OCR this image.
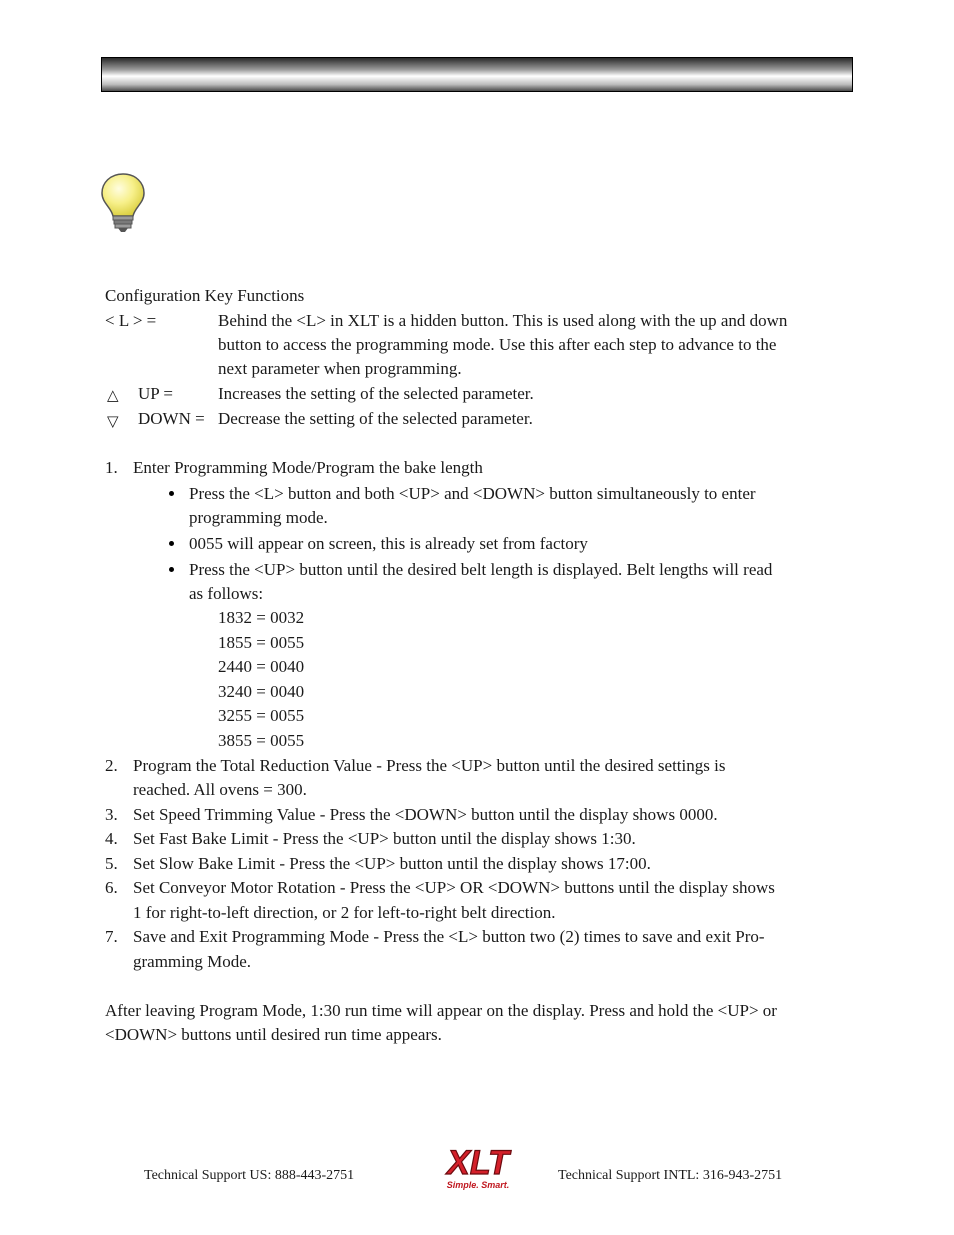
Configuration Key Functions
< L > =	Behind the <L> in XLT is a hidden button. This is used along with the up and down
button to access the programming mode. Use this after each step to advance to the
next parameter when programming.
△ UP =	Increases the setting of the selected parameter.
▽ DOWN = Decrease the setting of the selected parameter.
1. Enter Programming Mode/Program the bake length
Press the <L> button and both <UP> and <DOWN> button simultaneously to enter
programming mode.
0055 will appear on screen, this is already set from factory
Press the <UP> button until the desired belt length is displayed. Belt lengths will read
as follows:
1832 = 0032
1855 = 0055
2440 = 0040
3240 = 0040
3255 = 0055
3855 = 0055
2. Program the Total Reduction Value - Press the <UP> button until the desired settings is
reached. All ovens = 300.
3. Set Speed Trimming Value - Press the <DOWN> button until the display shows 0000.
4. Set Fast Bake Limit - Press the <UP> button until the display shows 1:30.
5. Set Slow Bake Limit - Press the <UP> button until the display shows 17:00.
6. Set Conveyor Motor Rotation - Press the <UP> OR <DOWN> buttons until the display shows
1 for right-to-left direction, or 2 for left-to-right belt direction.
7. Save and Exit Programming Mode - Press the <L> button two (2) times to save and exit Pro-
gramming Mode.
After leaving Program Mode, 1:30 run time will appear on the display. Press and hold the <UP> or
<DOWN> buttons until desired run time appears.
Technical Support US: 888-443-2751	XLT
Simple. Smart.
Technical Support INTL: 316-943-2751
